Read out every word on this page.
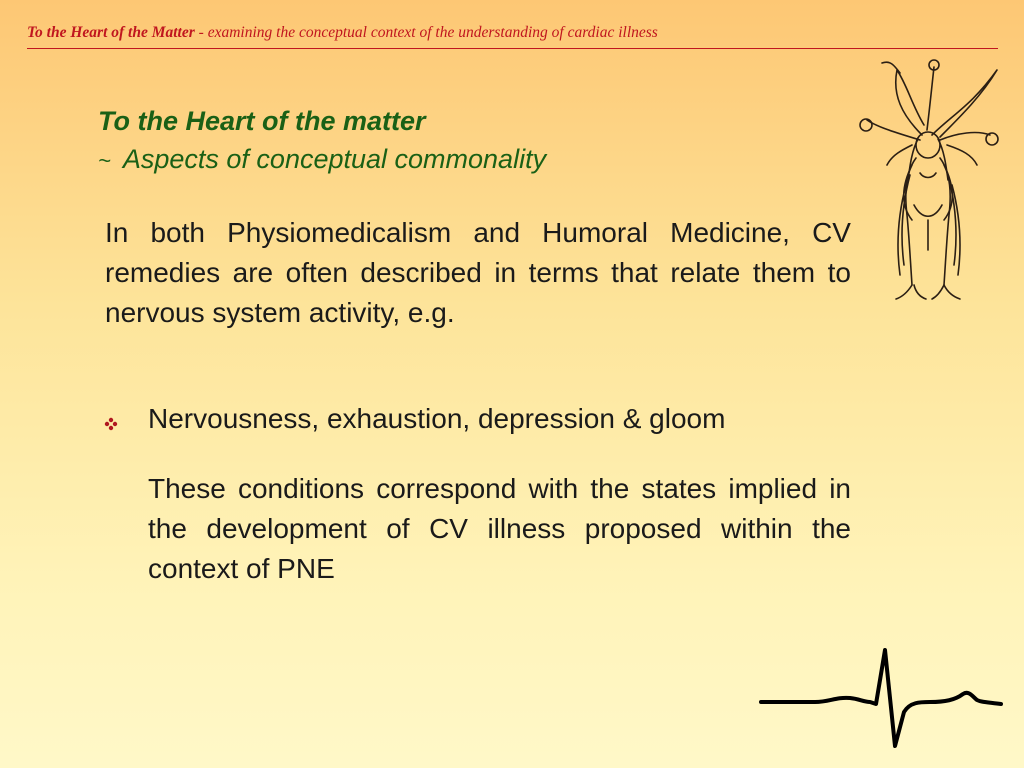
To the Heart of the Matter - examining the conceptual context of the understanding of cardiac illness
To the Heart of the matter
~ Aspects of conceptual commonality
In both Physiomedicalism and Humoral Medicine, CV remedies are often described in terms that relate them to nervous system activity, e.g.
Nervousness, exhaustion, depression & gloom
These conditions correspond with the states implied in the development of CV illness proposed within the context of PNE
